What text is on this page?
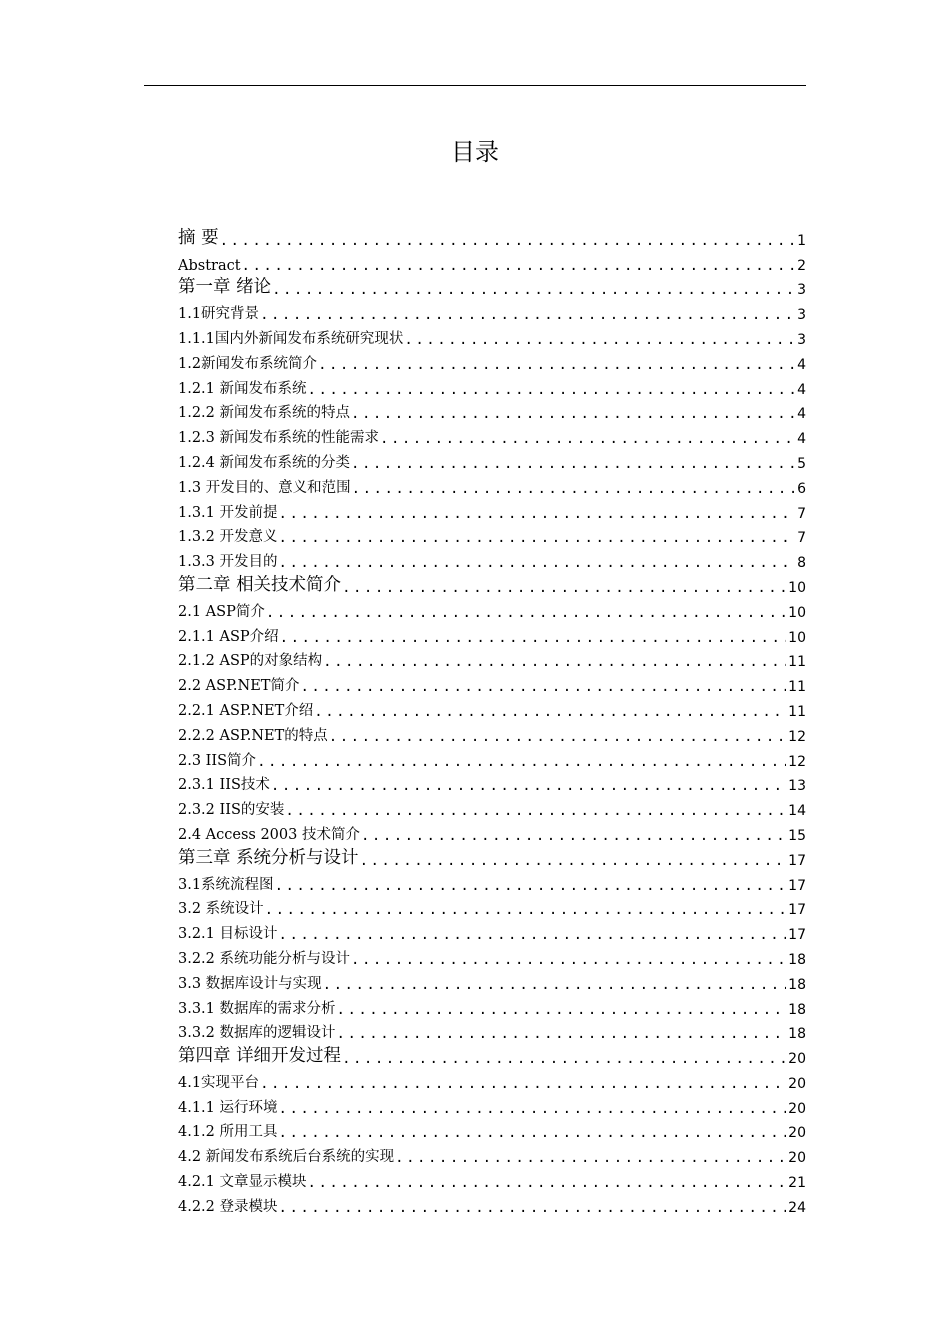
目录
摘 要 .....	1
Abstract .....	2
第一章 绪论 .....	3
1.1研究背景 .....	3
1.1.1国内外新闻发布系统研究现状 .....	3
1.2新闻发布系统简介 .....	4
1.2.1 新闻发布系统 .....	4
1.2.2 新闻发布系统的特点 .....	4
1.2.3 新闻发布系统的性能需求 .....	4
1.2.4 新闻发布系统的分类 .....	5
1.3 开发目的、意义和范围 .....	6
1.3.1 开发前提 .....	7
1.3.2 开发意义 .....	7
1.3.3 开发目的 .....	8
第二章 相关技术简介 .....	10
2.1 ASP简介 .....	10
2.1.1 ASP介绍 .....	10
2.1.2 ASP的对象结构 .....	11
2.2 ASP.NET简介 .....	11
2.2.1 ASP.NET介绍 .....	11
2.2.2 ASP.NET的特点 .....	12
2.3 IIS简介 .....	12
2.3.1 IIS技术 .....	13
2.3.2 IIS的安装 .....	14
2.4 Access 2003 技术简介 .....	15
第三章 系统分析与设计 .....	17
3.1系统流程图 .....	17
3.2 系统设计 .....	17
3.2.1 目标设计 .....	17
3.2.2 系统功能分析与设计 .....	18
3.3 数据库设计与实现 .....	18
3.3.1 数据库的需求分析 .....	18
3.3.2 数据库的逻辑设计 .....	18
第四章 详细开发过程 .....	20
4.1实现平台 .....	20
4.1.1 运行环境 .....	20
4.1.2 所用工具 .....	20
4.2 新闻发布系统后台系统的实现 .....	20
4.2.1 文章显示模块 .....	21
4.2.2 登录模块 .....	24
